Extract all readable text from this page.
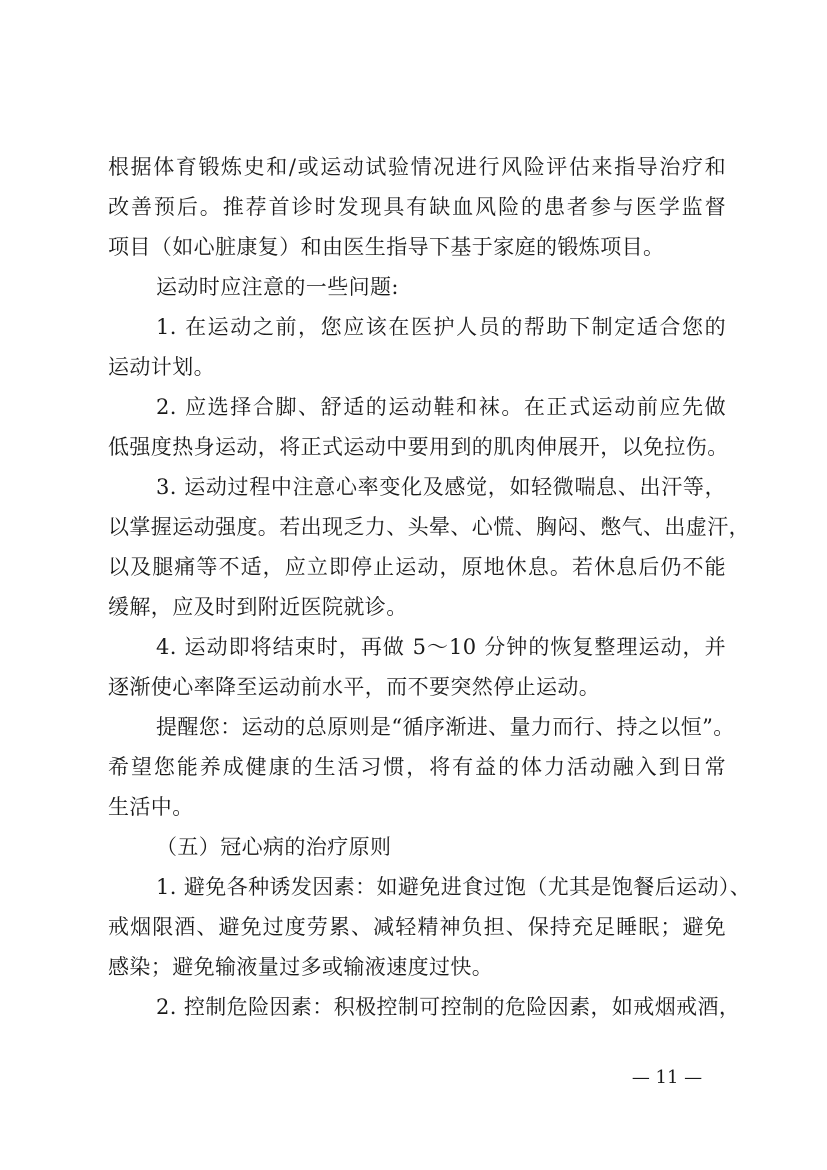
根据体育锻炼史和/或运动试验情况进行风险评估来指导治疗和
改善预后。推荐首诊时发现具有缺血风险的患者参与医学监督
项目（如心脏康复）和由医生指导下基于家庭的锻炼项目。
运动时应注意的一些问题:
1. 在运动之前，您应该在医护人员的帮助下制定适合您的
运动计划。
2. 应选择合脚、舒适的运动鞋和袜。在正式运动前应先做
低强度热身运动，将正式运动中要用到的肌肉伸展开，以免拉伤。
3. 运动过程中注意心率变化及感觉，如轻微喘息、出汗等，
以掌握运动强度。若出现乏力、头晕、心慌、胸闷、憋气、出虚汗，
以及腿痛等不适，应立即停止运动，原地休息。若休息后仍不能
缓解，应及时到附近医院就诊。
4. 运动即将结束时，再做 5～10 分钟的恢复整理运动，并
逐渐使心率降至运动前水平，而不要突然停止运动。
提醒您：运动的总原则是“循序渐进、量力而行、持之以恒”。
希望您能养成健康的生活习惯，将有益的体力活动融入到日常
生活中。
（五）冠心病的治疗原则
1. 避免各种诱发因素：如避免进食过饱（尤其是饱餐后运动）、
戒烟限酒、避免过度劳累、减轻精神负担、保持充足睡眠；避免
感染；避免输液量过多或输液速度过快。
2. 控制危险因素：积极控制可控制的危险因素，如戒烟戒酒，
— 11 —
